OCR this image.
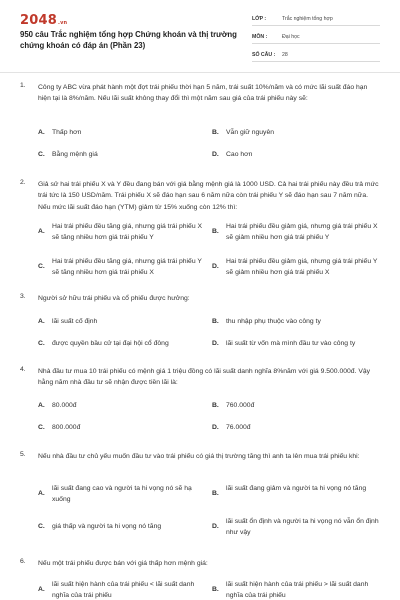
2048.vn
950 câu Trắc nghiệm tổng hợp Chứng khoán và thị trường chứng khoán có đáp án (Phần 23)
LỚP :	Trắc nghiệm tổng hợp
MÔN :	Đại học
SỐ CÂU :	28
1. Công ty ABC vừa phát hành một đợt trái phiếu thời hạn 5 năm, trái suất 10%/năm và có mức lãi suất đáo hạn hiện tại là 8%/năm. Nếu lãi suất không thay đổi thì một năm sau giá của trái phiếu này sẽ:
A.	Thấp hơn	B.	Vẫn giữ nguyên
C.	Bằng mệnh giá	D.	Cao hơn
2. Giả sử hai trái phiếu X và Y đều đang bán với giá bằng mệnh giá là 1000 USD. Cả hai trái phiếu này đều trả mức trái tức là 150 USD/năm. Trái phiếu X sẽ đáo hạn sau 6 năm nữa còn trái phiếu Y sẽ đáo hạn sau 7 năm nữa. Nếu mức lãi suất đáo hạn (YTM) giảm từ 15% xuống còn 12% thì:
A.
Hai trái phiếu đều tăng giá, nhưng giá trái phiếu X sẽ tăng nhiều hơn giá trái phiếu Y
B.
Hai trái phiếu đều giảm giá, nhưng giá trái phiếu X sẽ giảm nhiều hơn giá trái phiếu Y
C.
Hai trái phiếu đều tăng giá, nhưng giá trái phiếu Y sẽ tăng nhiều hơn giá trái phiếu X
D.
Hai trái phiếu đều giảm giá, nhưng giá trái phiếu Y sẽ giảm nhiều hơn giá trái phiếu X
3. Người sở hữu trái phiếu và cổ phiếu được hưởng:
A.	lãi suất cố định	B.	thu nhập phụ thuộc vào công ty
C.	được quyền bầu cử tại đại hội cổ đông	D.	lãi suất từ vốn mà mình đầu tư vào công ty
4. Nhà đầu tư mua 10 trái phiếu có mệnh giá 1 triệu đồng có lãi suất danh nghĩa 8%năm với giá 9.500.000đ. Vậy hằng năm nhà đầu tư sẽ nhận được tiền lãi là:
A.	80.000đ	B.	760.000đ
C.	800.000đ	D.	76.000đ
5. Nếu nhà đầu tư chủ yếu muốn đầu tư vào trái phiếu có giá thị trường tăng thì anh ta lên mua trái phiếu khi:
A.
lãi suất đang cao và người ta hi vọng nó sẽ hạ xuống
B.
lãi suất đang giảm và người ta hi vọng nó tăng
C.	giá thấp và người ta hi vọng nó tăng	D.
lãi suất ổn định và người ta hi vọng nó vẫn ổn định như vậy
6. Nếu một trái phiếu được bán với giá thấp hơn mệnh giá:
A.
lãi suất hiện hành của trái phiếu < lãi suất danh nghĩa của trái phiếu
B.
lãi suất hiện hành của trái phiếu > lãi suất danh nghĩa của trái phiếu
